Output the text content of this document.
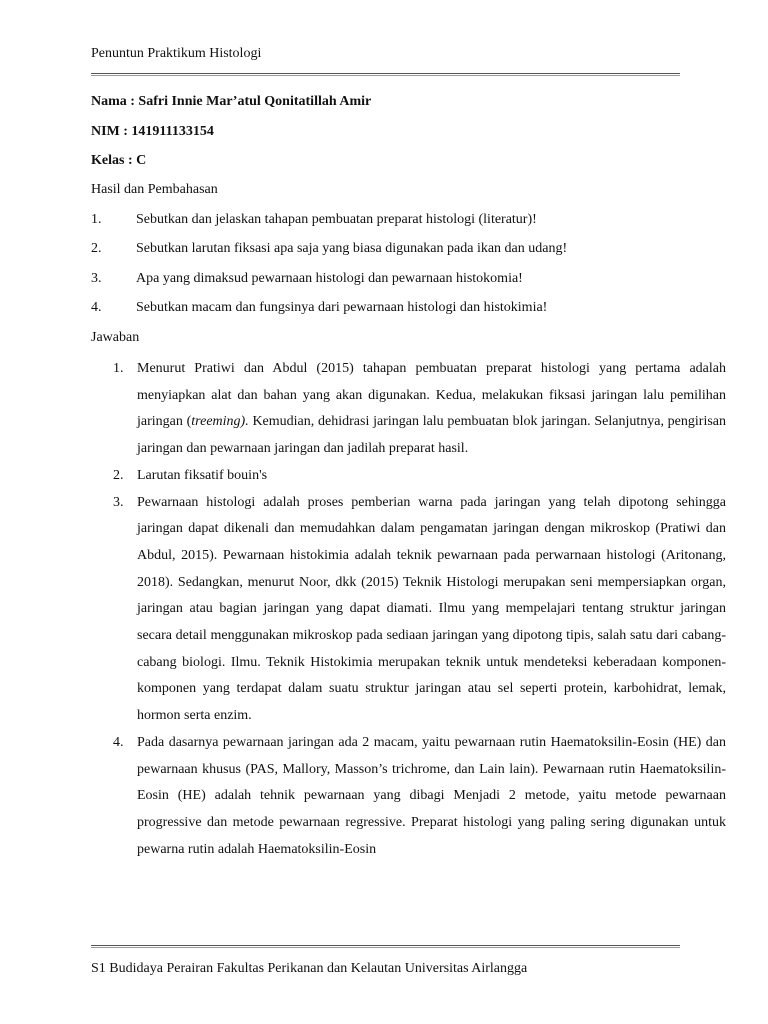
Penuntun Praktikum Histologi
Nama : Safri Innie Mar’atul Qonitatillah Amir
NIM : 141911133154
Kelas : C
Hasil dan Pembahasan
1. Sebutkan dan jelaskan tahapan pembuatan preparat histologi (literatur)!
2. Sebutkan larutan fiksasi apa saja yang biasa digunakan pada ikan dan udang!
3. Apa yang dimaksud pewarnaan histologi dan pewarnaan histokomia!
4. Sebutkan macam dan fungsinya dari pewarnaan histologi dan histokimia!
Jawaban
1. Menurut Pratiwi dan Abdul (2015) tahapan pembuatan preparat histologi yang pertama adalah menyiapkan alat dan bahan yang akan digunakan. Kedua, melakukan fiksasi jaringan lalu pemilihan jaringan (treeming). Kemudian, dehidrasi jaringan lalu pembuatan blok jaringan. Selanjutnya, pengirisan jaringan dan pewarnaan jaringan dan jadilah preparat hasil.
2. Larutan fiksatif bouin's
3. Pewarnaan histologi adalah proses pemberian warna pada jaringan yang telah dipotong sehingga jaringan dapat dikenali dan memudahkan dalam pengamatan jaringan dengan mikroskop (Pratiwi dan Abdul, 2015). Pewarnaan histokimia adalah teknik pewarnaan pada perwarnaan histologi (Aritonang, 2018). Sedangkan, menurut Noor, dkk (2015) Teknik Histologi merupakan seni mempersiapkan organ, jaringan atau bagian jaringan yang dapat diamati. Ilmu yang mempelajari tentang struktur jaringan secara detail menggunakan mikroskop pada sediaan jaringan yang dipotong tipis, salah satu dari cabang-cabang biologi. Ilmu. Teknik Histokimia merupakan teknik untuk mendeteksi keberadaan komponen-komponen yang terdapat dalam suatu struktur jaringan atau sel seperti protein, karbohidrat, lemak, hormon serta enzim.
4. Pada dasarnya pewarnaan jaringan ada 2 macam, yaitu pewarnaan rutin Haematoksilin-Eosin (HE) dan pewarnaan khusus (PAS, Mallory, Masson’s trichrome, dan Lain lain). Pewarnaan rutin Haematoksilin-Eosin (HE) adalah tehnik pewarnaan yang dibagi Menjadi 2 metode, yaitu metode pewarnaan progressive dan metode pewarnaan regressive. Preparat histologi yang paling sering digunakan untuk pewarna rutin adalah Haematoksilin-Eosin
S1 Budidaya Perairan Fakultas Perikanan dan Kelautan Universitas Airlangga
